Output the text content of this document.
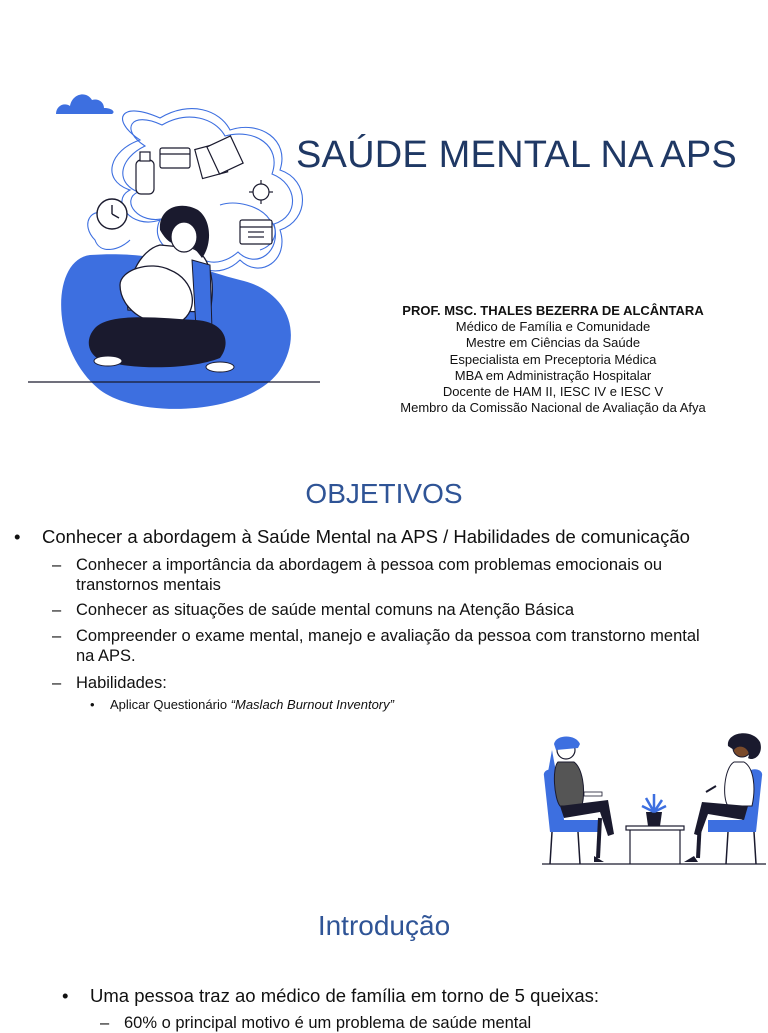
SAÚDE MENTAL NA APS
PROF. MSC. THALES BEZERRA DE ALCÂNTARA
Médico de Família e Comunidade
Mestre em Ciências da Saúde
Especialista em Preceptoria Médica
MBA em Administração Hospitalar
Docente de HAM II, IESC IV e IESC V
Membro da Comissão Nacional de Avaliação da Afya
OBJETIVOS
• Conhecer a abordagem à Saúde Mental na APS / Habilidades de comunicação
– Conhecer a importância da abordagem à pessoa com problemas emocionais ou
transtornos mentais
– Conhecer as situações de saúde mental comuns na Atenção Básica
– Compreender o exame mental, manejo e avaliação da pessoa com transtorno mental
na APS.
– Habilidades:
• Aplicar Questionário “Maslach Burnout Inventory”
Introdução
• Uma pessoa traz ao médico de família em torno de 5 queixas:
– 60% o principal motivo é um problema de saúde mental
